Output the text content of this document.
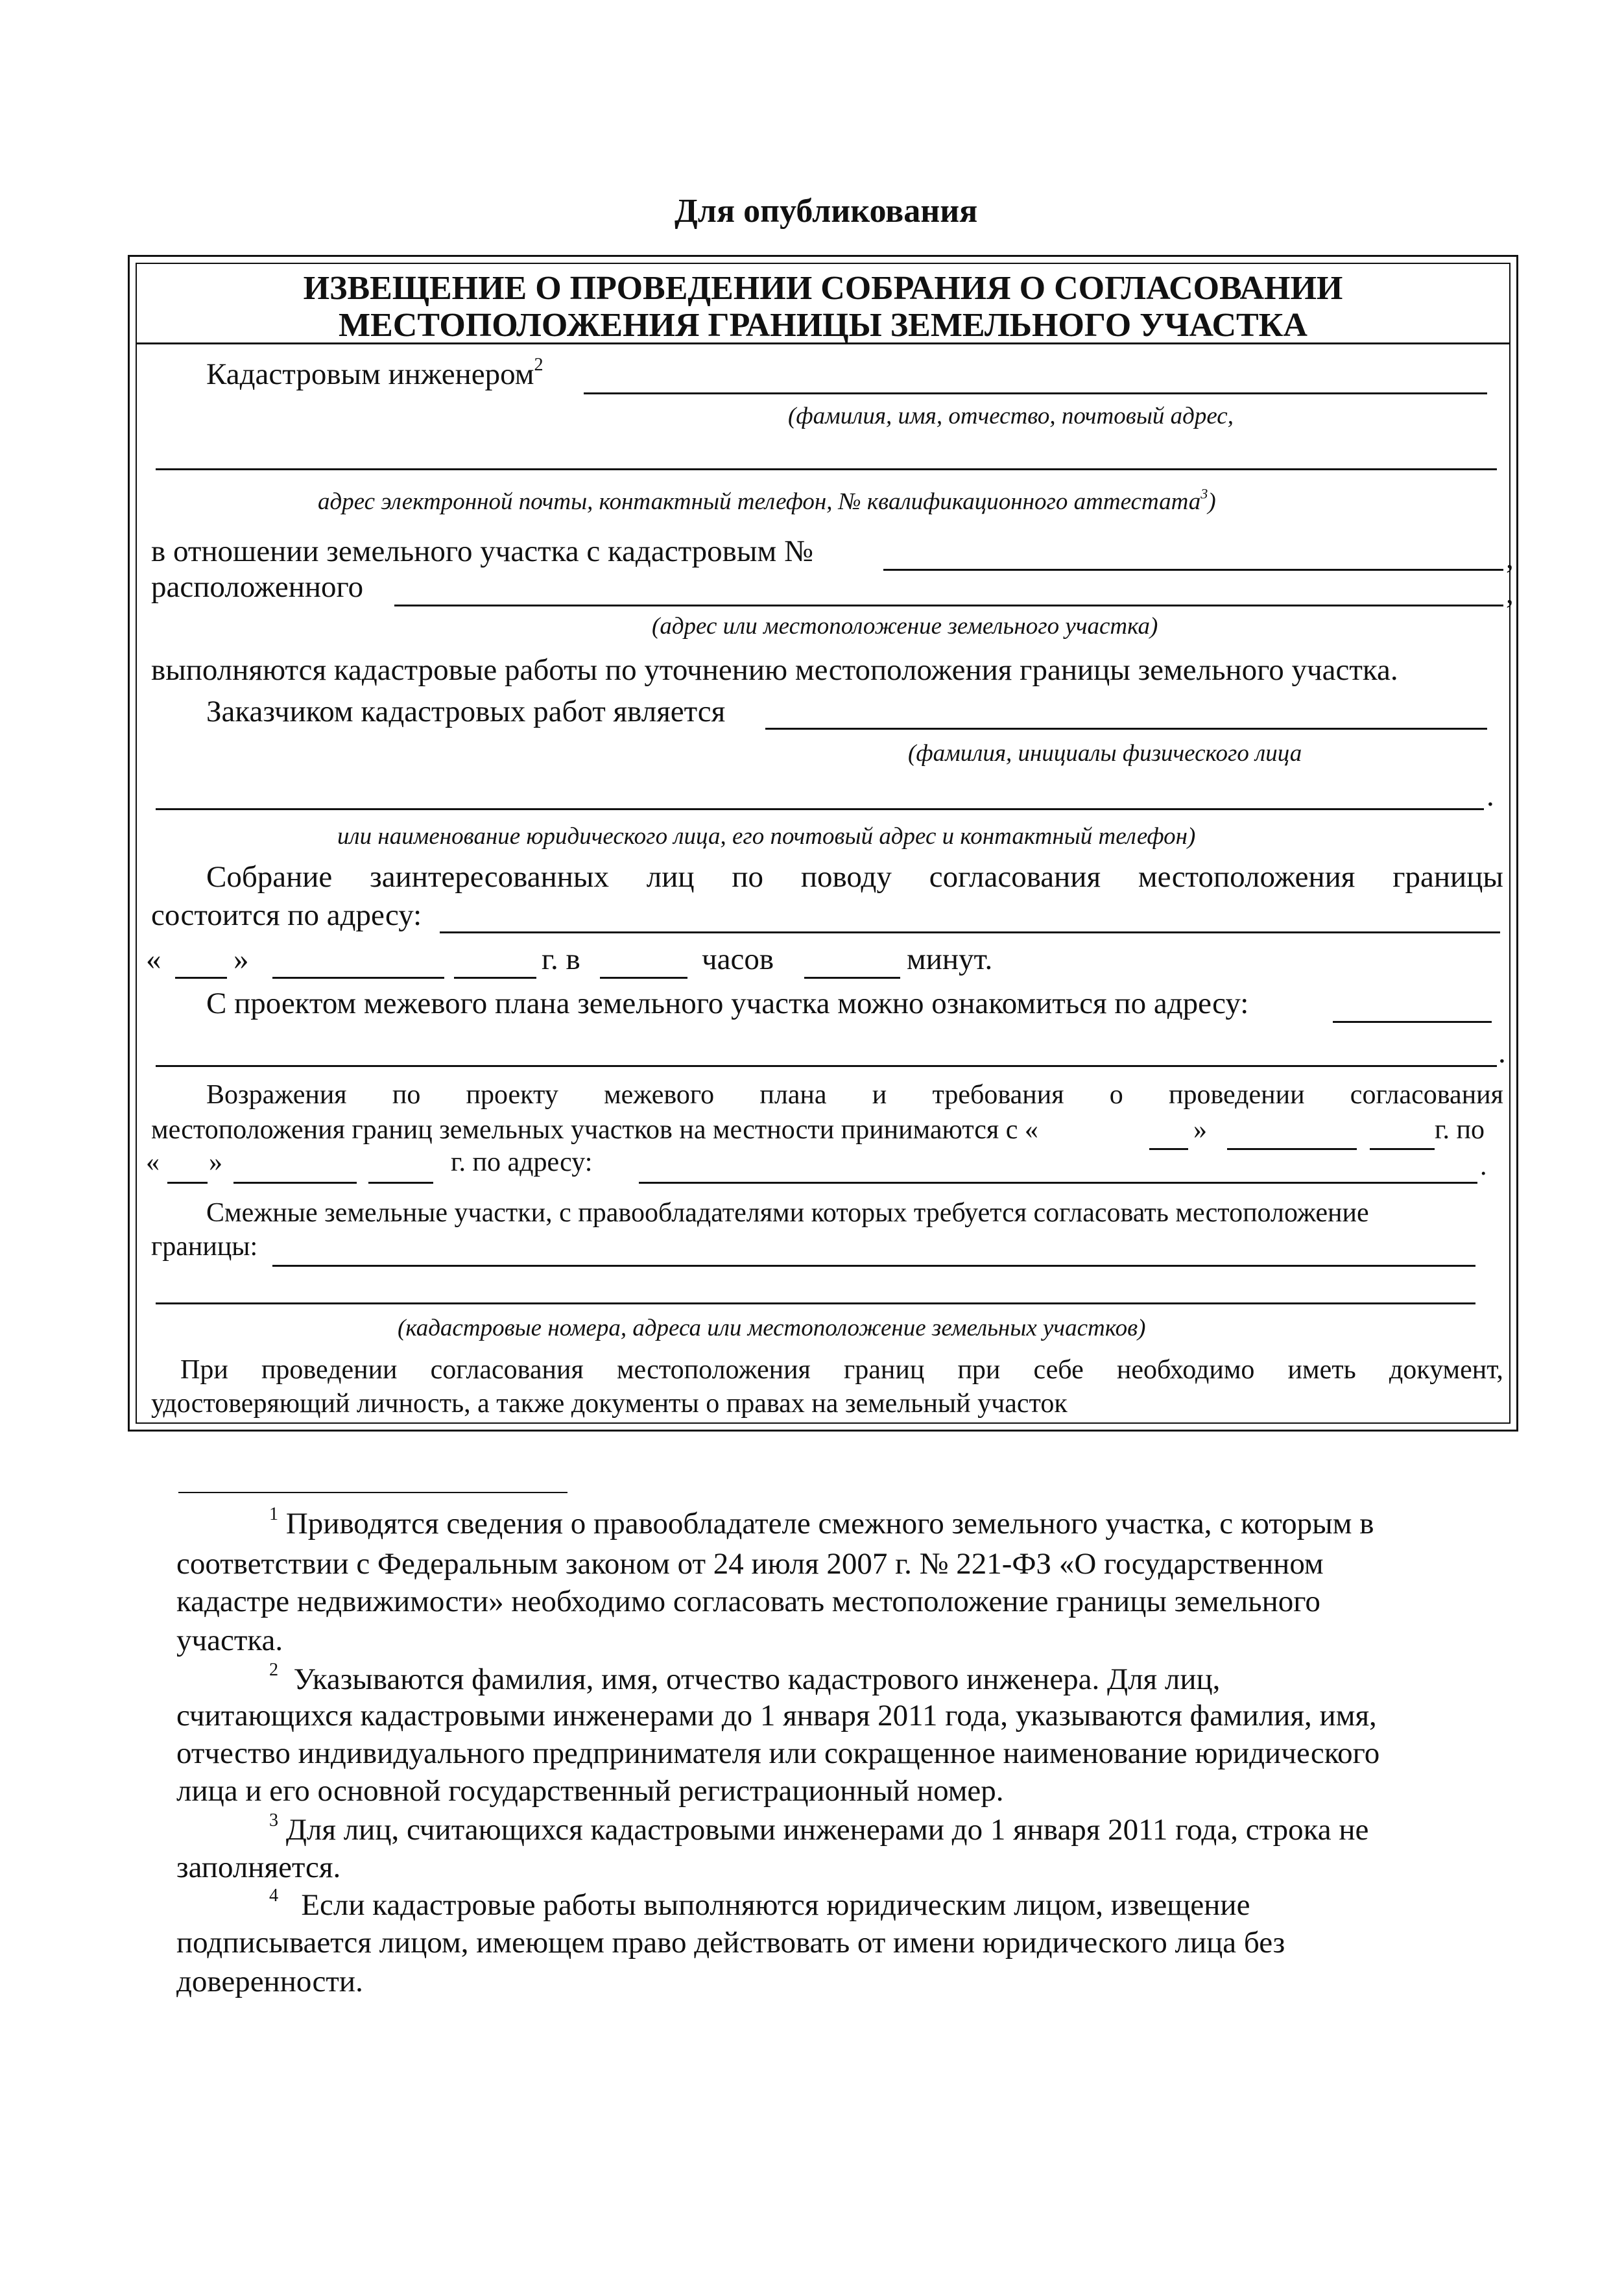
Для опубликования
ИЗВЕЩЕНИЕ О ПРОВЕДЕНИИ СОБРАНИЯ О СОГЛАСОВАНИИ
МЕСТОПОЛОЖЕНИЯ ГРАНИЦЫ ЗЕМЕЛЬНОГО УЧАСТКА
Кадастровым инженером$^2$
(фамилия, имя, отчество, почтовый адрес,
адрес электронной почты, контактный телефон, № квалификационного аттестата$^3$)
в отношении земельного участка с кадастровым №	,
расположенного	,
(адрес или местоположение земельного участка)
выполняются кадастровые работы по уточнению местоположения границы земельного участка.
Заказчиком кадастровых работ является
(фамилия, инициалы физического лица
.
или наименование юридического лица, его почтовый адрес и контактный телефон)
Собрание заинтересованных лиц по поводу согласования местоположения границы
состоится по адресу:
« »	г. в	часов	минут.
С проектом межевого плана земельного участка можно ознакомиться по адресу:
.
Возражения по проекту межевого плана и требования о проведении согласования
местоположения границ земельных участков на местности принимаются с «	»	г. по
« »	г. по адресу:	.
Смежные земельные участки, с правообладателями которых требуется согласовать местоположение
границы:
(кадастровые номера, адреса или местоположение земельных участков)
При проведении согласования местоположения границ при себе необходимо иметь документ,
удостоверяющий личность, а также документы о правах на земельный участок
$^1$ Приводятся сведения о правообладателе смежного земельного участка, с которым в
соответствии с Федеральным законом от 24 июля 2007 г. № 221-ФЗ «О государственном
кадастре недвижимости» необходимо согласовать местоположение границы земельного
участка.
$^2$ Указываются фамилия, имя, отчество кадастрового инженера. Для лиц,
считающихся кадастровыми инженерами до 1 января 2011 года, указываются фамилия, имя,
отчество индивидуального предпринимателя или сокращенное наименование юридического
лица и его основной государственный регистрационный номер.
$^3$ Для лиц, считающихся кадастровыми инженерами до 1 января 2011 года, строка не
заполняется.
$^4$ Если кадастровые работы выполняются юридическим лицом, извещение
подписывается лицом, имеющем право действовать от имени юридического лица без
доверенности.
